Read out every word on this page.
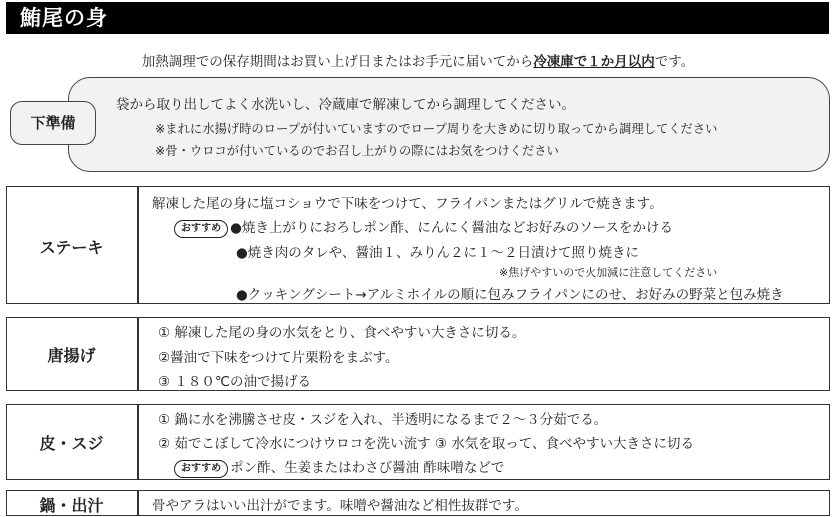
鮪尾の身
加熱調理での保存期間はお買い上げ日またはお手元に届いてから冷凍庫で１か月以内です。
下準備
袋から取り出してよく水洗いし、冷蔵庫で解凍してから調理してください。
※まれに水揚げ時のロープが付いていますのでロープ周りを大きめに切り取ってから調理してください
※骨・ウロコが付いているのでお召し上がりの際にはお気をつけください
ステーキ
解凍した尾の身に塩コショウで下味をつけて、フライパンまたはグリルで焼きます。
おすすめ ●焼き上がりにおろしポン酢、にんにく醤油などお好みのソースをかける
●焼き肉のタレや、醤油１、みりん２に１～２日漬けて照り焼きに
※焦げやすいので火加減に注意してください
●クッキングシート→アルミホイルの順に包みフライパンにのせ、お好みの野菜と包み焼き
唐揚げ
① 解凍した尾の身の水気をとり、食べやすい大きさに切る。
②醤油で下味をつけて片栗粉をまぶす。
③ １８０℃の油で揚げる
皮・スジ
① 鍋に水を沸騰させ皮・スジを入れ、半透明になるまで２～３分茹でる。
② 茹でこぼして冷水につけウロコを洗い流す ③ 水気を取って、食べやすい大きさに切る
おすすめ ポン酢、生姜またはわさび醤油 酢味噌などで
鍋・出汁	骨やアラはいい出汁がでます。味噌や醤油など相性抜群です。
